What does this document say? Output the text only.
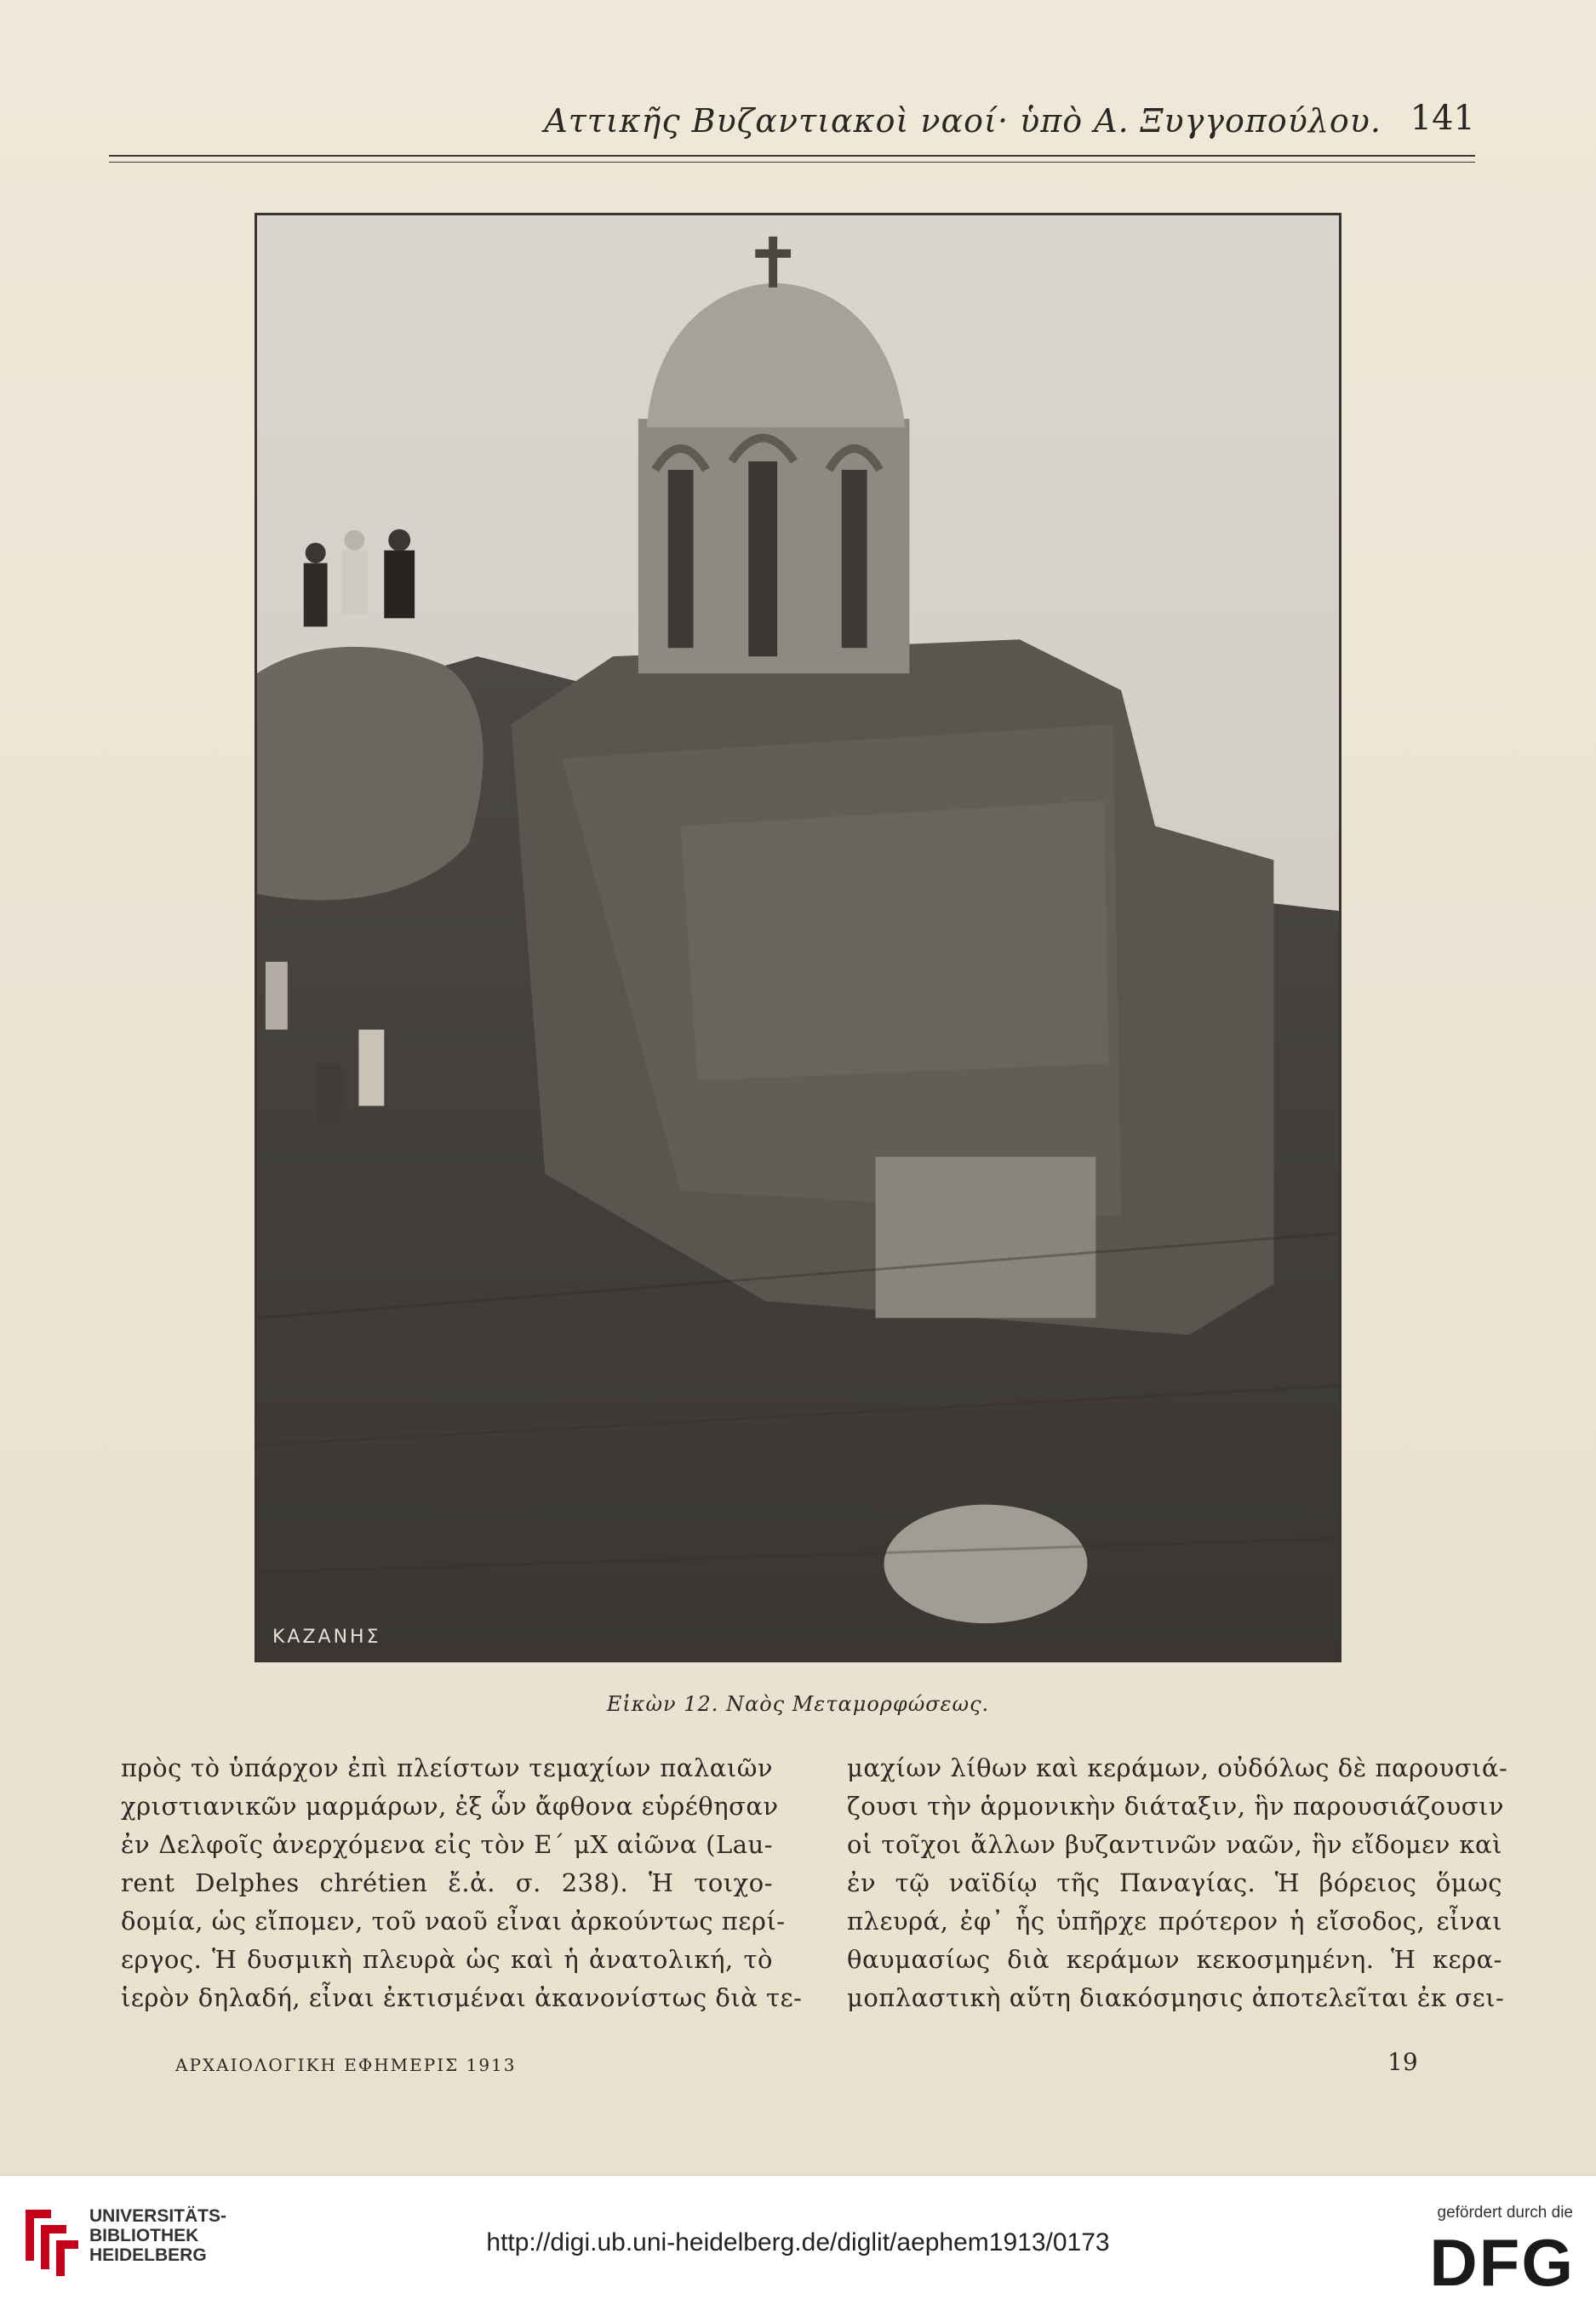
Αττικῆς Βυζαντιακοὶ ναοί· ὑπὸ Α. Ξυγγοπούλου. 141
ΚΑΖΑΝΗΣ
Εἰκὼν 12. Ναὸς Μεταμορφώσεως.
πρὸς τὸ ὑπάρχον ἐπὶ πλείστων τεμαχίων παλαιῶν
χριστιανικῶν μαρμάρων, ἐξ ὧν ἄφθονα εὑρέθησαν
ἐν Δελφοῖς ἀνερχόμενα εἰς τὸν Ε΄ μΧ αἰῶνα (Lau-
rent Delphes chrétien ἔ.ἀ. σ. 238). Ἡ τοιχο-
δομία, ὡς εἴπομεν, τοῦ ναοῦ εἶναι ἀρκούντως περί-
εργος. Ἡ δυσμικὴ πλευρὰ ὡς καὶ ἡ ἀνατολική, τὸ
ἱερὸν δηλαδή, εἶναι ἐκτισμέναι ἀκανονίστως διὰ τε-
μαχίων λίθων καὶ κεράμων, οὐδόλως δὲ παρουσιά-
ζουσι τὴν ἁρμονικὴν διάταξιν, ἣν παρουσιάζουσιν
οἱ τοῖχοι ἄλλων βυζαντινῶν ναῶν, ἣν εἴδομεν καὶ
ἐν τῷ ναϊδίῳ τῆς Παναγίας. Ἡ βόρειος ὅμως
πλευρά, ἐφ᾽ ἧς ὑπῆρχε πρότερον ἡ εἴσοδος, εἶναι
θαυμασίως διὰ κεράμων κεκοσμημένη. Ἡ κερα-
μοπλαστικὴ αὕτη διακόσμησις ἀποτελεῖται ἐκ σει-
ΑΡΧΑΙΟΛΟΓΙΚΗ ΕΦΗΜΕΡΙΣ 1913	19
UNIVERSITÄTS-
BIBLIOTHEK
HEIDELBERG	http://digi.ub.uni-heidelberg.de/diglit/aephem1913/0173
gefördert durch die
DFG
